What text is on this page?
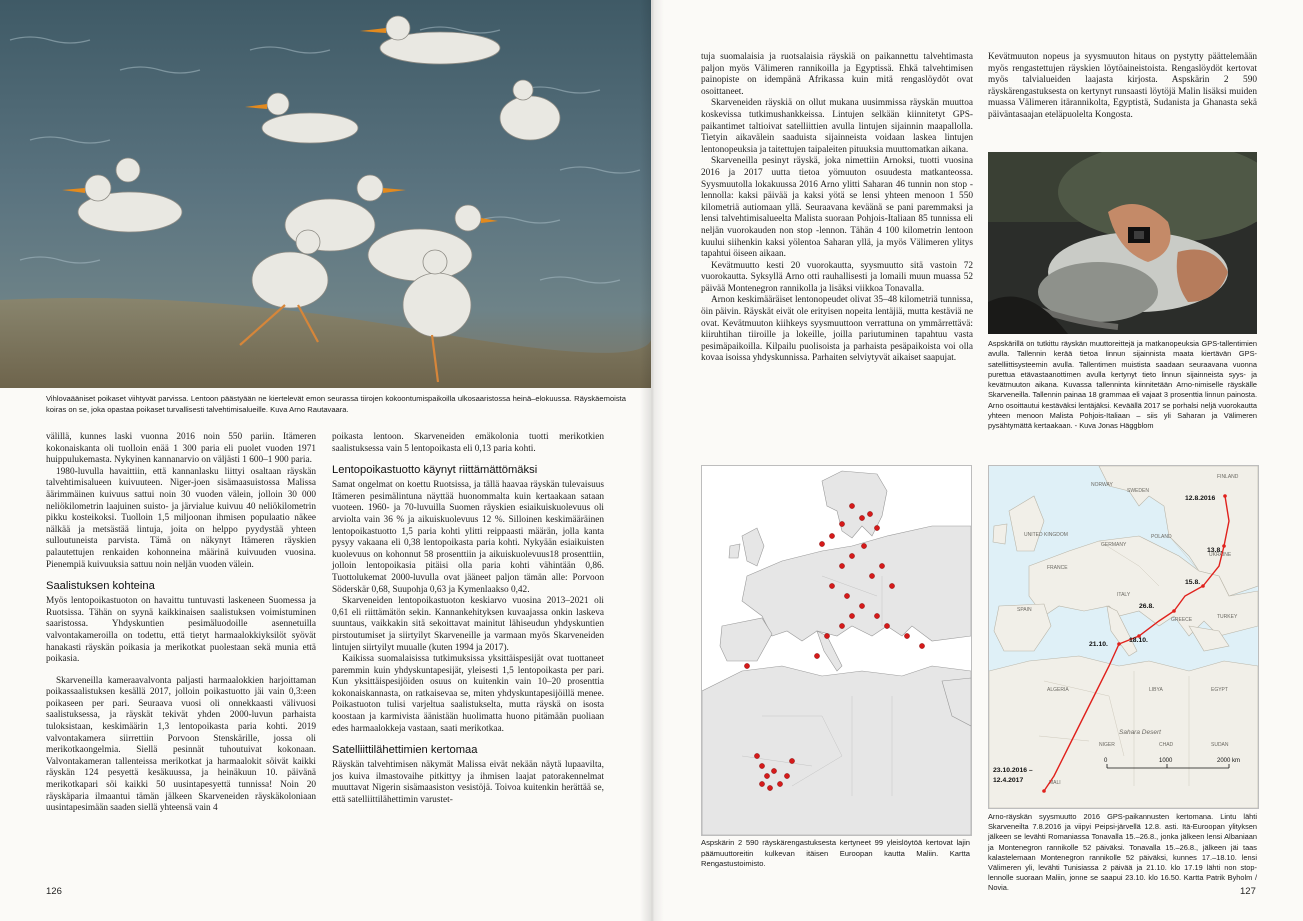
Vihlovaääniset poikaset viihtyvät parvissa. Lentoon päästyään ne kiertelevät emon seurassa tiirojen kokoontumispaikoilla ulkosaaristossa heinä–elokuussa. Räyskäemoista koiras on se, joka opastaa poikaset turvallisesti talvehtimisalueille. Kuva Arno Rautavaara.

välillä, kunnes laski vuonna 2016 noin 550 pariin. Itämeren kokonaiskanta oli tuolloin enää 1 300 paria eli puolet vuoden 1971 huippulukemasta. Nykyinen kannanarvio on väljästi 1 600–1 900 paria.

1980-luvulla havaittiin, että kannanlasku liittyi osaltaan räyskän talvehtimisalueen kuivuuteen. Niger-joen sisämaasuistossa Malissa äärimmäinen kuivuus sattui noin 30 vuoden välein, jolloin 30 000 neliökilometrin laajuinen suisto- ja järvialue kuivuu 40 neliökilometrin pikku kosteikoksi. Tuolloin 1,5 miljoonan ihmisen populaatio näkee nälkää ja metsästää lintuja, joita on helppo pyydystää yhteen sulloutuneista parvista. Tämä on näkynyt Itämeren räyskien palautettujen renkaiden kohonneina määrinä kuivuuden vuosina. Pienempiä kuivuuksia sattuu noin neljän vuoden välein.

Saalistuksen kohteina

Myös lentopoikastuoton on havaittu tuntuvasti laskeneen Suomessa ja Ruotsissa. Tähän on syynä kaikkinaisen saalistuksen voimistuminen saaristossa. Yhdyskuntien pesimäluodoille asennetuilla valvontakameroilla on todettu, että tietyt harmaalokkiyksilöt syövät hanakasti räyskän poikasia ja merikotkat puolestaan sekä munia että poikasia.

Skarveneilla kameraavalvonta paljasti harmaalokkien harjoittaman poikassaalistuksen kesällä 2017, jolloin poikastuotto jäi vain 0,3:een poikaseen per pari. Seuraava vuosi oli onnekkaasti välivuosi saalistuksessa, ja räyskät tekivät yhden 2000-luvun parhaista tuloksistaan, keskimäärin 1,3 lentopoikasta paria kohti. 2019 valvontakamera siirrettiin Porvoon Stenskärille, jossa oli merikotkaongelmia. Siellä pesinnät tuhoutuivat kokonaan. Valvontakameran tallenteissa merikotkat ja harmaalokit söivät kaikki räyskän 124 pesyettä kesäkuussa, ja heinäkuun 10. päivänä merikotkapari söi kaikki 50 uusintapesyettä tunnissa! Noin 20 räyskäparia ilmaantui tämän jälkeen Skarveneiden räyskäkoloniaan uusintapesimään saaden siellä yhteensä vain 4

poikasta lentoon. Skarveneiden emäkolonia tuotti merikotkien saalistuksessa vain 5 lentopoikasta eli 0,13 paria kohti.

Lentopoikastuotto käynyt riittämättömäksi

Samat ongelmat on koettu Ruotsissa, ja tällä haavaa räyskän tulevaisuus Itämeren pesimälintuna näyttää huonommalta kuin kertaakaan sataan vuoteen. 1960- ja 70-luvuilla Suomen räyskien esiaikuiskuolevuus oli arviolta vain 36 % ja aikuiskuolevuus 12 %. Silloinen keskimääräinen lentopoikastuotto 1,5 paria kohti ylitti reippaasti määrän, jolla kanta pysyy vakaana eli 0,38 lentopoikasta paria kohti. Nykyään esiaikuisten kuolevuus on kohonnut 58 prosenttiin ja aikuiskuolevuus18 prosenttiin, jolloin lentopoikasia pitäisi olla paria kohti vähintään 0,86. Tuottolukemat 2000-luvulla ovat jääneet paljon tämän alle: Porvoon Söderskär 0,68, Suupohja 0,63 ja Kymenlaakso 0,42.

Skarveneiden lentopoikastuoton keskiarvo vuosina 2013–2021 oli 0,61 eli riittämätön sekin. Kannankehityksen kuvaajassa onkin laskeva suuntaus, vaikkakin sitä sekoittavat mainitut lähiseudun yhdyskuntien pirstoutumiset ja siirtyilyt Skarveneille ja varmaan myös Skarveneiden lintujen siirtyilyt muualle (kuten 1994 ja 2017).

Kaikissa suomalaisissa tutkimuksissa yksittäispesijät ovat tuottaneet paremmin kuin yhdyskuntapesijät, yleisesti 1,5 lentopoikasta per pari. Kun yksittäispesijöiden osuus on kuitenkin vain 10–20 prosenttia kokonaiskannasta, on ratkaisevaa se, miten yhdyskuntapesijöillä menee. Poikastuoton tulisi varjeltua saalistukselta, mutta räyskä on isosta koostaan ja karmivista äänistään huolimatta huono pitämään puoliaan edes harmaalokkeja vastaan, saati merikotkaa.

Satelliittilähettimien kertomaa

Räyskän talvehtimisen näkymät Malissa eivät nekään näytä lupaavilta, jos kuiva ilmastovaihe pitkittyy ja ihmisen laajat patorakennelmat muuttavat Nigerin sisämaasiston vesistöjä. Toivoa kuitenkin herättää se, että satelliittilähettimin varustet-

126

tuja suomalaisia ja ruotsalaisia räyskiä on paikannettu talvehtimasta paljon myös Välimeren rannikoilla ja Egyptissä. Ehkä talvehtimisen painopiste on idempänä Afrikassa kuin mitä rengaslöydöt ovat osoittaneet.

Skarveneiden räyskiä on ollut mukana uusimmissa räyskän muuttoa koskevissa tutkimushankkeissa. Lintujen selkään kiinnitetyt GPS-paikantimet taltioivat satelliittien avulla lintujen sijainnin maapallolla. Tietyin aikavälein saaduista sijainneista voidaan laskea lintujen lentonopeuksia ja taitettujen taipaleiten pituuksia muuttomatkan aikana.

Skarveneilla pesinyt räyskä, joka nimettiin Arnoksi, tuotti vuosina 2016 ja 2017 uutta tietoa yömuuton osuudesta matkanteossa. Syysmuutolla lokakuussa 2016 Arno ylitti Saharan 46 tunnin non stop -lennolla: kaksi päivää ja kaksi yötä se lensi yhteen menoon 1 550 kilometriä autiomaan yllä. Seuraavana keväänä se pani paremmaksi ja lensi talvehtimisalueelta Malista suoraan Pohjois-Italiaan 85 tunnissa eli neljän vuorokauden non stop -lennon. Tähän 4 100 kilometrin lentoon kuului siihenkin kaksi yölentoa Saharan yllä, ja myös Välimeren ylitys tapahtui öiseen aikaan.

Kevätmuutto kesti 20 vuorokautta, syysmuutto sitä vastoin 72 vuorokautta. Syksyllä Arno otti rauhallisesti ja lomaili muun muassa 52 päivää Montenegron rannikolla ja lisäksi viikkoa Tonavalla.

Arnon keskimääräiset lentonopeudet olivat 35–48 kilometriä tunnissa, öin päivin. Räyskät eivät ole erityisen nopeita lentäjiä, mutta kestäviä ne ovat. Kevätmuuton kiihkeys syysmuuttoon verrattuna on ymmärrettävä: kiiruhtihan tiiroille ja lokeille, joilla pariutuminen tapahtuu vasta pesimäpaikoilla. Kilpailu puolisoista ja parhaista pesäpaikoista voi olla kovaa isoissa yhdyskunnissa. Parhaiten selviytyvät aikaiset saapujat.

Kevätmuuton nopeus ja syysmuuton hitaus on pystytty päättelemään myös rengastettujen räyskien löytöaineistoista. Rengaslöydöt kertovat myös talvialueiden laajasta kirjosta. Aspskärin 2 590 räyskärengastuksesta on kertynyt runsaasti löytöjä Malin lisäksi muiden muassa Välimeren itärannikolta, Egyptistä, Sudanista ja Ghanasta sekä päiväntasaajan eteläpuolelta Kongosta.

Aspskärillä on tutkittu räyskän muuttoreittejä ja matkanopeuksia GPS-tallentimien avulla. Tallennin kerää tietoa linnun sijainnista maata kiertävän GPS-satelliittisysteemin avulla. Tallentimen muistista saadaan seuraavana vuonna purettua etävastaanottimen avulla kertynyt tieto linnun sijainneista syys- ja kevätmuuton aikana. Kuvassa tallenninta kiinnitetään Arno-nimiselle räyskälle Skarveneilla. Tallennin painaa 18 grammaa eli vajaat 3 prosenttia linnun painosta. Arno osoittautui kestäväksi lentäjäksi. Keväällä 2017 se porhalsi neljä vuorokautta yhteen menoon Malista Pohjois-Italiaan – siis yli Saharan ja Välimeren pysähtymättä kertaakaan. - Kuva Jonas Häggblom
Aspskärin 2 590 räyskärengastuksesta kertyneet 99 yleislöytöä kertovat lajin päämuuttoreitin kulkevan itäisen Euroopan kautta Maliin. Kartta Rengastustoimisto.
FINLAND
NORWAY
SWEDEN
UNITED KINGDOM
GERMANY
POLAND
UKRAINE
FRANCE
ITALY
SPAIN
GREECE	TURKEY
ALGERIA	LIBYA	EGYPT
Sahara Desert
MALI
NIGER	CHAD	SUDAN
12.8.2016
13.8.
15.8.
26.8.
21.10.
18.10.
23.10.2016 –
12.4.2017
0	1000	2000 km
Arno-räyskän syysmuutto 2016 GPS-paikannusten kertomana. Lintu lähti Skarveneilta 7.8.2016 ja viipyi Peipsi-järvellä 12.8. asti. Itä-Euroopan ylityksen jälkeen se levähti Romaniassa Tonavalla 15.–26.8., jonka jälkeen lensi Albaniaan ja Montenegron rannikolle 52 päiväksi. Tonavalla 15.–26.8., jälkeen jäi taas kalastelemaan Montenegron rannikolle 52 päiväksi, kunnes 17.–18.10. lensi Välimeren yli, levähti Tunisiassa 2 päivää ja 21.10. klo 17.19 lähti non stop-lennolle suoraan Maliin, jonne se saapui 23.10. klo 16.50. Kartta Patrik Byholm / Novia.	127
